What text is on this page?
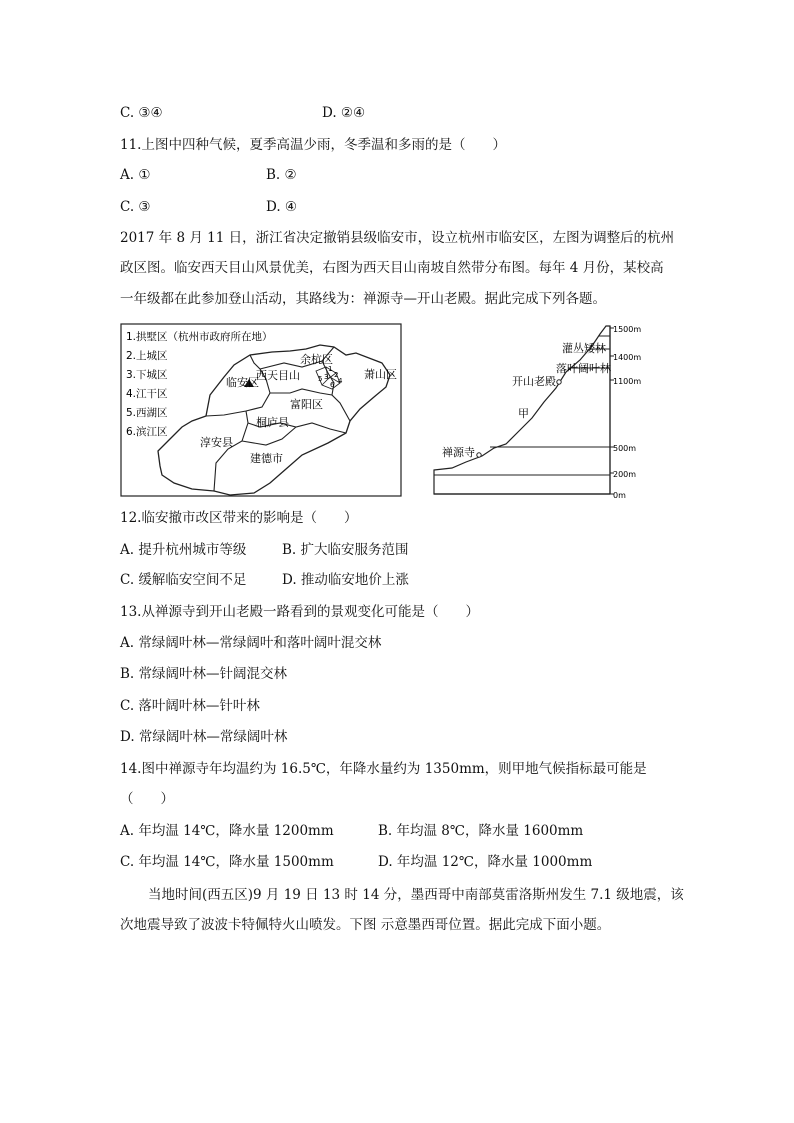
C. ③④	D. ②④
11.上图中四种气候，夏季高温少雨，冬季温和多雨的是（　　）
A. ①	B. ②
C. ③	D. ④
2017 年 8 月 11 日，浙江省决定撤销县级临安市，设立杭州市临安区，左图为调整后的杭州
政区图。临安西天目山风景优美，右图为西天目山南坡自然带分布图。每年 4 月份，某校高
一年级都在此参加登山活动，其路线为：禅源寺—开山老殿。据此完成下列各题。
1.拱墅区（杭州市政府所在地）
2.上城区
3.下城区
4.江干区
5.西湖区
6.滨江区
余杭区
西天目山
临安区
萧山区
富阳区
桐庐县
淳安县
建德市
1
2
3 4
5
6
灌丛矮林
落叶阔叶林
开山老殿
甲
禅源寺
1500m
1400m
1100m
500m
200m
0m
12.临安撤市改区带来的影响是（　　）
A. 提升杭州城市等级	B. 扩大临安服务范围
C. 缓解临安空间不足	D. 推动临安地价上涨
13.从禅源寺到开山老殿一路看到的景观变化可能是（　　）
A. 常绿阔叶林—常绿阔叶和落叶阔叶混交林
B. 常绿阔叶林—针阔混交林
C. 落叶阔叶林—针叶林
D. 常绿阔叶林—常绿阔叶林
14.图中禅源寺年均温约为 16.5℃，年降水量约为 1350mm，则甲地气候指标最可能是
（　　）
A. 年均温 14℃，降水量 1200mm	B. 年均温 8℃，降水量 1600mm
C. 年均温 14℃，降水量 1500mm	D. 年均温 12℃，降水量 1000mm
当地时间(西五区)9 月 19 日 13 时 14 分，墨西哥中南部莫雷洛斯州发生 7.1 级地震，该
次地震导致了波波卡特佩特火山喷发。下图 示意墨西哥位置。据此完成下面小题。
